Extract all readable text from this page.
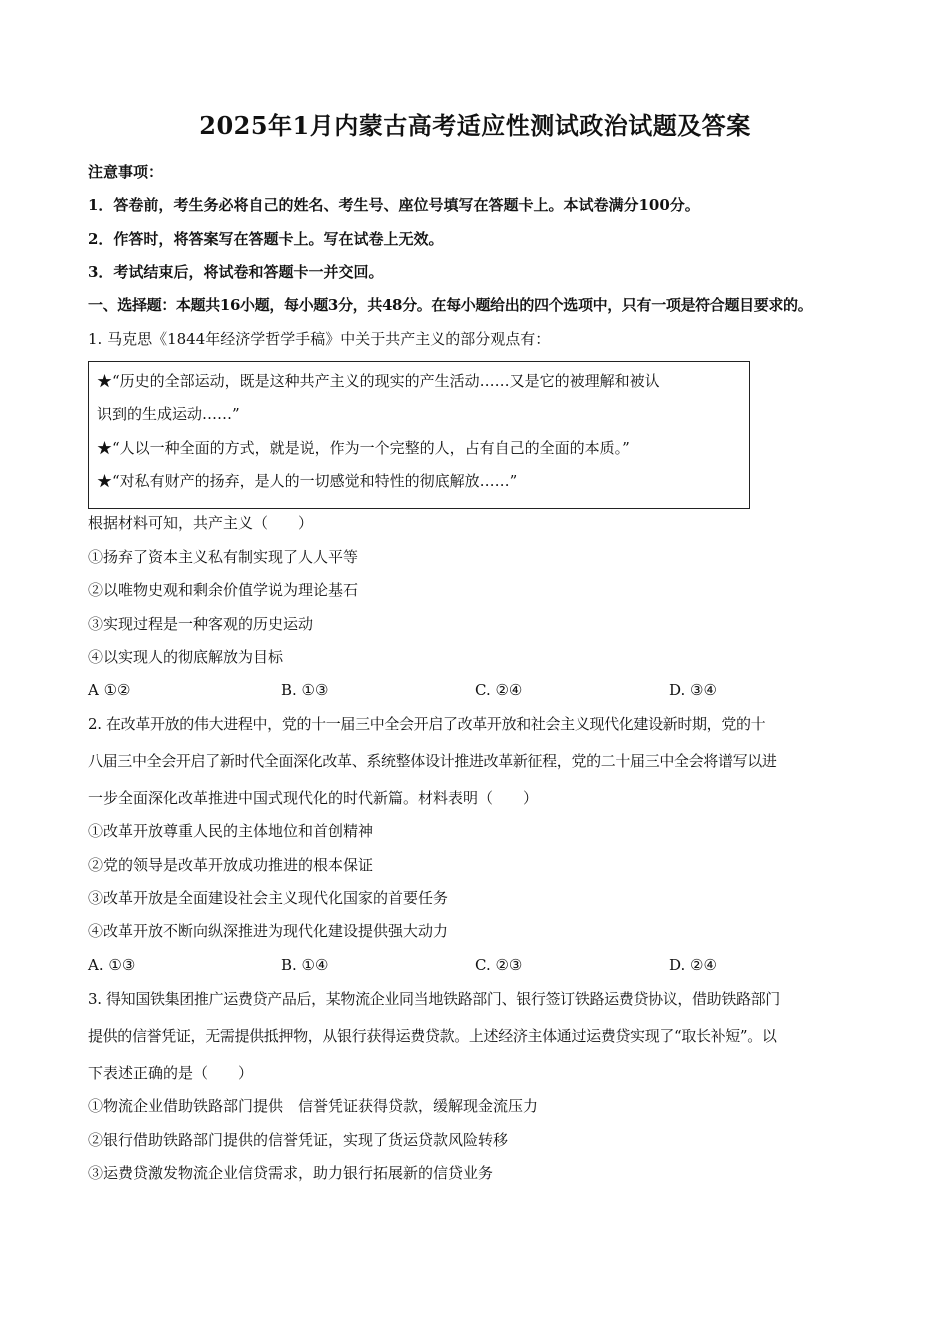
2025年1月内蒙古高考适应性测试政治试题及答案
注意事项：
1．答卷前，考生务必将自己的姓名、考生号、座位号填写在答题卡上。本试卷满分100分。
2．作答时，将答案写在答题卡上。写在试卷上无效。
3．考试结束后，将试卷和答题卡一并交回。
一、选择题：本题共16小题，每小题3分，共48分。在每小题给出的四个选项中，只有一项是符合题目要求的。
1. 马克思《1844年经济学哲学手稿》中关于共产主义的部分观点有：
★“历史的全部运动，既是这种共产主义的现实的产生活动……又是它的被理解和被认
识到的生成运动……”
★“人以一种全面的方式，就是说，作为一个完整的人，占有自己的全面的本质。”
★“对私有财产的扬弃，是人的一切感觉和特性的彻底解放……”
根据材料可知，共产主义（　　）
①扬弃了资本主义私有制实现了人人平等
②以唯物史观和剩余价值学说为理论基石
③实现过程是一种客观的历史运动
④以实现人的彻底解放为目标
A ①②	B. ①③	C. ②④	D. ③④
2. 在改革开放的伟大进程中，党的十一届三中全会开启了改革开放和社会主义现代化建设新时期，党的十
八届三中全会开启了新时代全面深化改革、系统整体设计推进改革新征程，党的二十届三中全会将谱写以进
一步全面深化改革推进中国式现代化的时代新篇。材料表明（　　）
①改革开放尊重人民的主体地位和首创精神
②党的领导是改革开放成功推进的根本保证
③改革开放是全面建设社会主义现代化国家的首要任务
④改革开放不断向纵深推进为现代化建设提供强大动力
A. ①③	B. ①④	C. ②③	D. ②④
3. 得知国铁集团推广运费贷产品后，某物流企业同当地铁路部门、银行签订铁路运费贷协议，借助铁路部门
提供的信誉凭证，无需提供抵押物，从银行获得运费贷款。上述经济主体通过运费贷实现了“取长补短”。以
下表述正确的是（　　）
①物流企业借助铁路部门提供　信誉凭证获得贷款，缓解现金流压力
②银行借助铁路部门提供的信誉凭证，实现了货运贷款风险转移
③运费贷激发物流企业信贷需求，助力银行拓展新的信贷业务
